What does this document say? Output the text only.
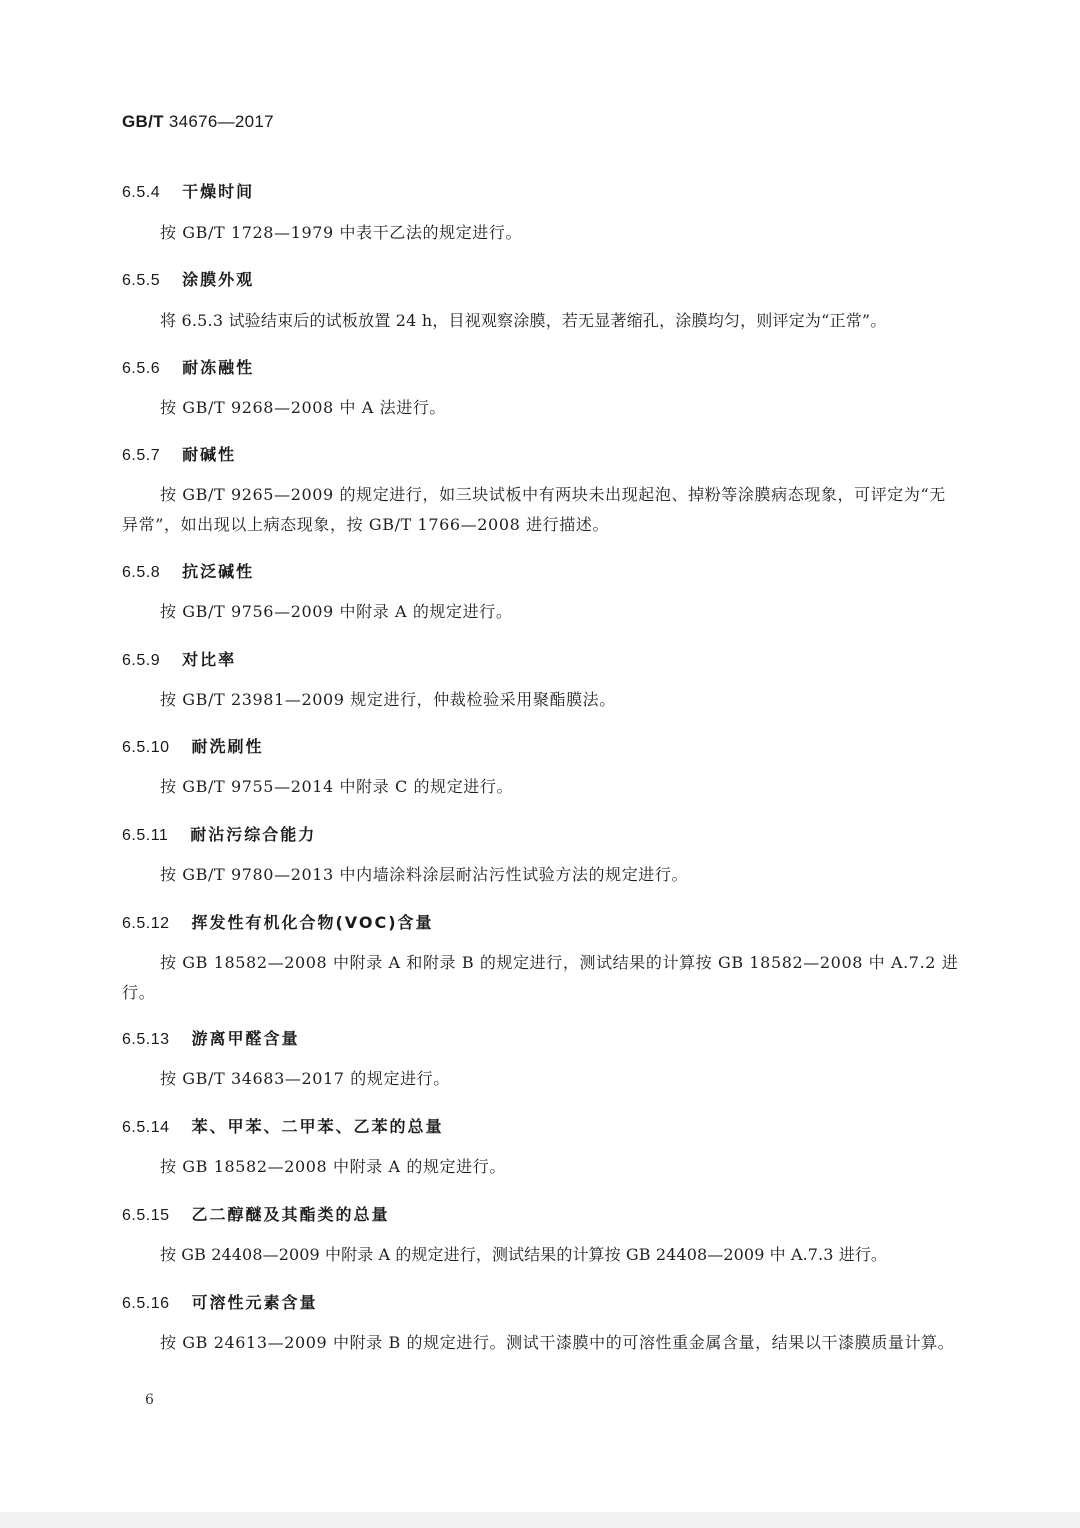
GB/T 34676—2017
6.5.4 干燥时间
按 GB/T 1728—1979 中表干乙法的规定进行。
6.5.5 涂膜外观
将 6.5.3 试验结束后的试板放置 24 h，目视观察涂膜，若无显著缩孔，涂膜均匀，则评定为“正常”。
6.5.6 耐冻融性
按 GB/T 9268—2008 中 A 法进行。
6.5.7 耐碱性
按 GB/T 9265—2009 的规定进行，如三块试板中有两块未出现起泡、掉粉等涂膜病态现象，可评定为“无异常”，如出现以上病态现象，按 GB/T 1766—2008 进行描述。
6.5.8 抗泛碱性
按 GB/T 9756—2009 中附录 A 的规定进行。
6.5.9 对比率
按 GB/T 23981—2009 规定进行，仲裁检验采用聚酯膜法。
6.5.10 耐洗刷性
按 GB/T 9755—2014 中附录 C 的规定进行。
6.5.11 耐沾污综合能力
按 GB/T 9780—2013 中内墙涂料涂层耐沾污性试验方法的规定进行。
6.5.12 挥发性有机化合物(VOC)含量
按 GB 18582—2008 中附录 A 和附录 B 的规定进行，测试结果的计算按 GB 18582—2008 中 A.7.2 进行。
6.5.13 游离甲醛含量
按 GB/T 34683—2017 的规定进行。
6.5.14 苯、甲苯、二甲苯、乙苯的总量
按 GB 18582—2008 中附录 A 的规定进行。
6.5.15 乙二醇醚及其酯类的总量
按 GB 24408—2009 中附录 A 的规定进行，测试结果的计算按 GB 24408—2009 中 A.7.3 进行。
6.5.16 可溶性元素含量
按 GB 24613—2009 中附录 B 的规定进行。测试干漆膜中的可溶性重金属含量，结果以干漆膜质量计算。
6
